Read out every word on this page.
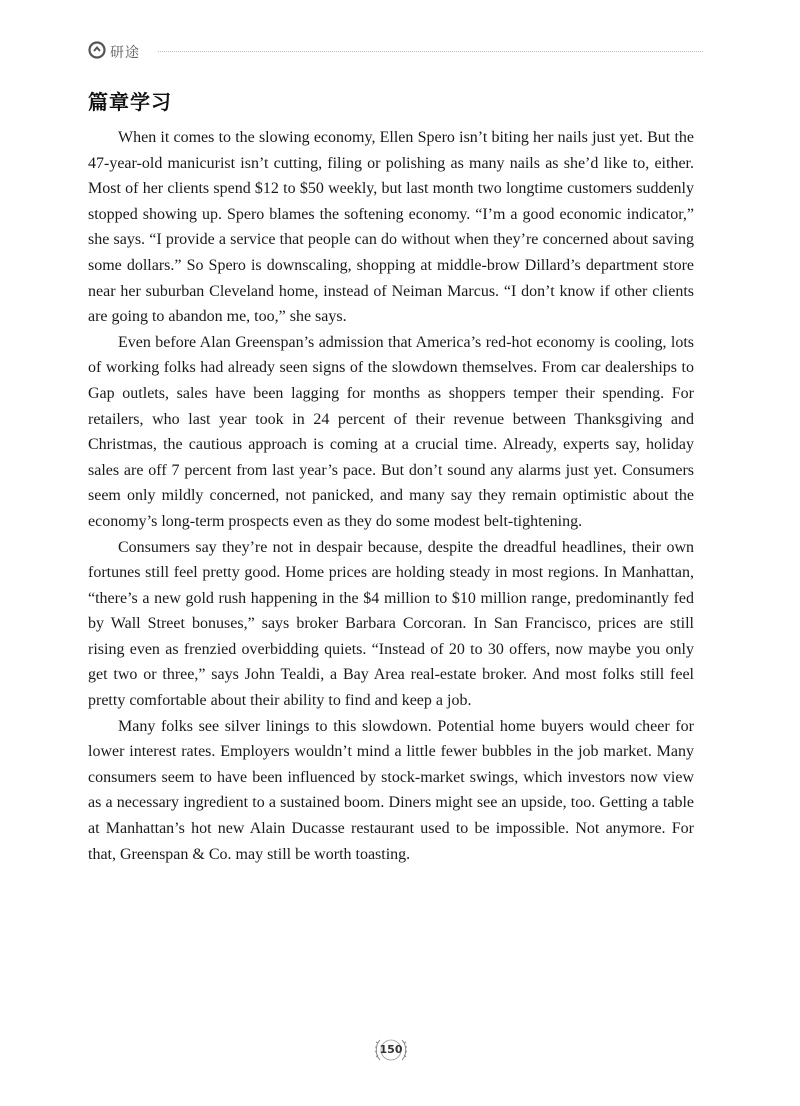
研途
篇章学习

When it comes to the slowing economy, Ellen Spero isn’t biting her nails just yet. But the 47-year-old manicurist isn’t cutting, filing or polishing as many nails as she’d like to, either. Most of her clients spend $12 to $50 weekly, but last month two longtime customers suddenly stopped showing up. Spero blames the softening economy. “I’m a good economic indicator,” she says. “I provide a service that people can do without when they’re concerned about saving some dollars.” So Spero is downscaling, shopping at middle-brow Dillard’s department store near her suburban Cleveland home, instead of Neiman Marcus. “I don’t know if other clients are going to abandon me, too,” she says.

Even before Alan Greenspan’s admission that America’s red-hot economy is cooling, lots of working folks had already seen signs of the slowdown themselves. From car dealerships to Gap outlets, sales have been lagging for months as shoppers temper their spending. For retailers, who last year took in 24 percent of their revenue between Thanksgiving and Christmas, the cautious approach is coming at a crucial time. Already, experts say, holiday sales are off 7 percent from last year’s pace. But don’t sound any alarms just yet. Consumers seem only mildly concerned, not panicked, and many say they remain optimistic about the economy’s long-term prospects even as they do some modest belt-tightening.

Consumers say they’re not in despair because, despite the dreadful headlines, their own fortunes still feel pretty good. Home prices are holding steady in most regions. In Manhattan, “there’s a new gold rush happening in the $4 million to $10 million range, predominantly fed by Wall Street bonuses,” says broker Barbara Corcoran. In San Francisco, prices are still rising even as frenzied overbidding quiets. “Instead of 20 to 30 offers, now maybe you only get two or three,” says John Tealdi, a Bay Area real-estate broker. And most folks still feel pretty comfortable about their ability to find and keep a job.

Many folks see silver linings to this slowdown. Potential home buyers would cheer for lower interest rates. Employers wouldn’t mind a little fewer bubbles in the job market. Many consumers seem to have been influenced by stock-market swings, which investors now view as a necessary ingredient to a sustained boom. Diners might see an upside, too. Getting a table at Manhattan’s hot new Alain Ducasse restaurant used to be impossible. Not anymore. For that, Greenspan & Co. may still be worth toasting.

150
